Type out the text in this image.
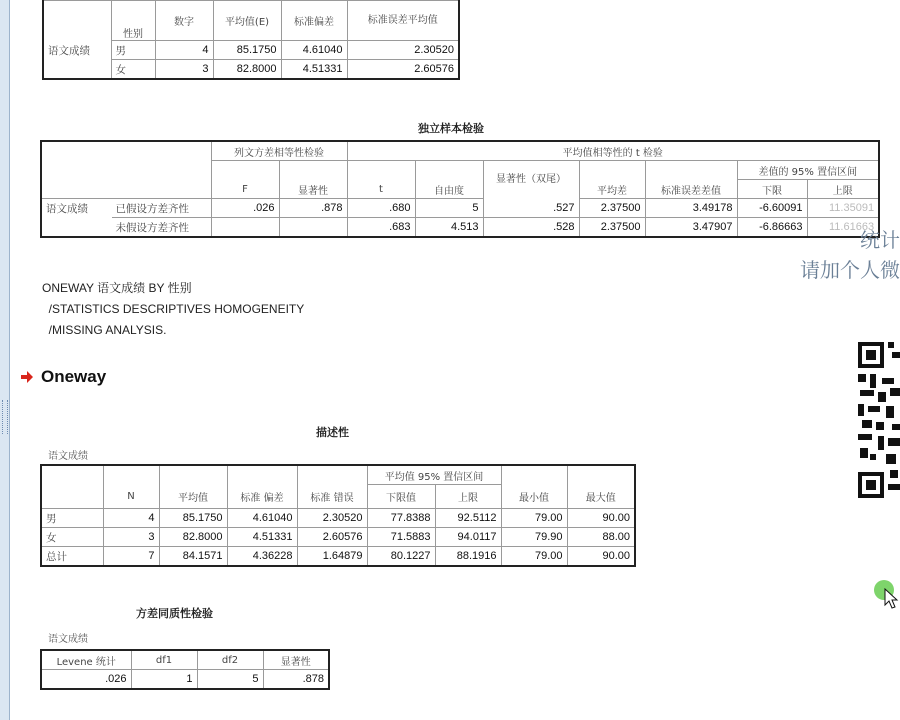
	性别	数字	平均值(E)	标准偏差	标准误差平均值
语文成绩	男	4	85.1750	4.61040	2.30520
	女	3	82.8000	4.51331	2.60576
独立样本检验
		列文方差相等性检验		平均值相等性的 t 检验						
						显著性（双尾）			差值的 95% 置信区间	
		F	显著性	t	自由度		平均差	标准误差差值	下限	上限
语文成绩	已假设方差齐性	.026	.878	.680	5	.527	2.37500	3.49178	-6.60091	11.35091
	未假设方差齐性			.683	4.513	.528	2.37500	3.47907	-6.86663	11.61663
ONEWAY 语文成绩 BY 性别
/STATISTICS DESCRIPTIVES HOMOGENEITY
/MISSING ANALYSIS.
Oneway
描述性
语文成绩
					平均值 95% 置信区间			
	N	平均值	标准 偏差	标准 错误	下限值	上限	最小值	最大值
男	4	85.1750	4.61040	2.30520	77.8388	92.5112	79.00	90.00
女	3	82.8000	4.51331	2.60576	71.5883	94.0117	79.90	88.00
总计	7	84.1571	4.36228	1.64879	80.1227	88.1916	79.00	90.00
方差同质性检验
语文成绩
Levene 统计	df1	df2	显著性
.026	1	5	.878
统计
请加个人微
